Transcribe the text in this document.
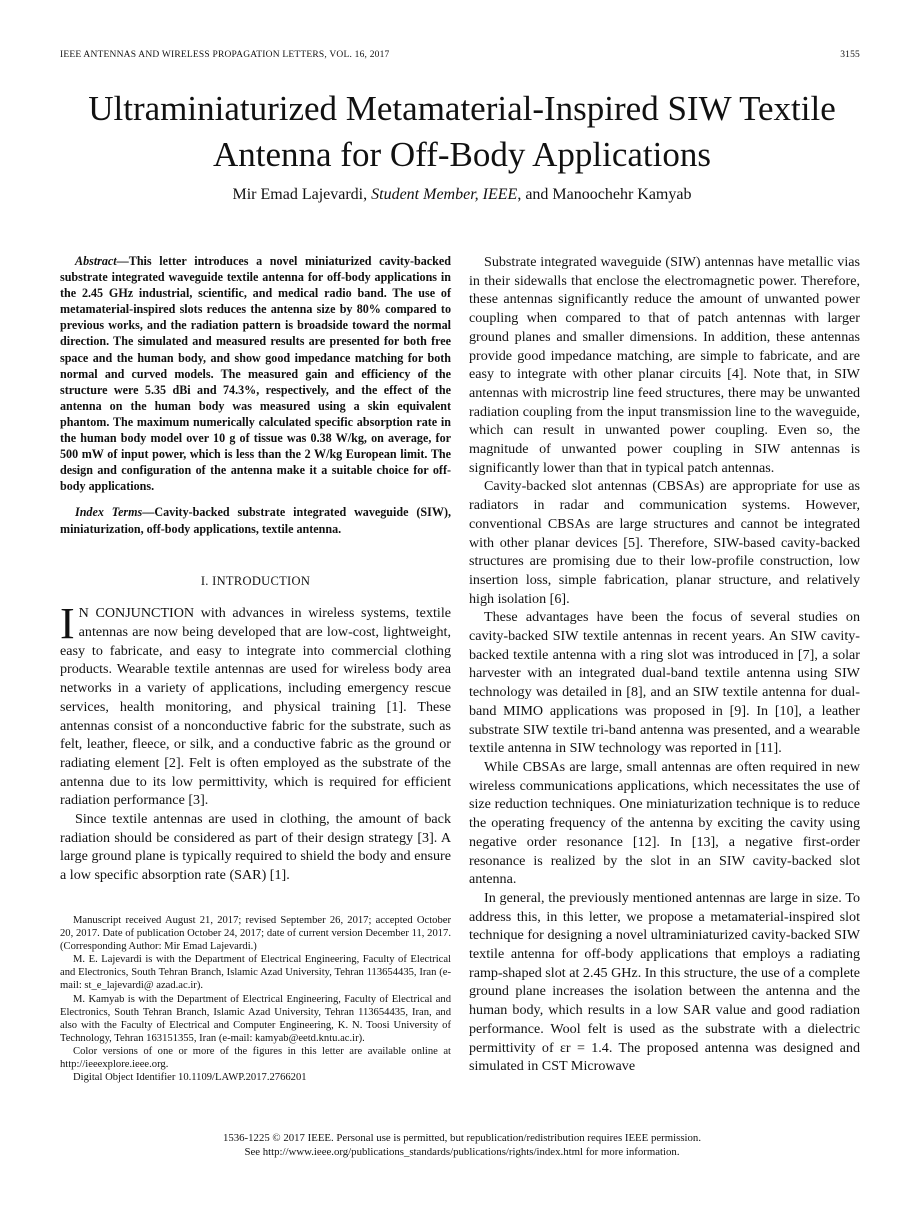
IEEE ANTENNAS AND WIRELESS PROPAGATION LETTERS, VOL. 16, 2017	3155
Ultraminiaturized Metamaterial-Inspired SIW Textile
Antenna for Off-Body Applications
Mir Emad Lajevardi, Student Member, IEEE, and Manoochehr Kamyab

Abstract—This letter introduces a novel miniaturized cavity-backed substrate integrated waveguide textile antenna for off-body applications in the 2.45 GHz industrial, scientific, and medical radio band. The use of metamaterial-inspired slots reduces the antenna size by 80% compared to previous works, and the radiation pattern is broadside toward the normal direction. The simulated and measured results are presented for both free space and the human body, and show good impedance matching for both normal and curved models. The measured gain and efficiency of the structure were 5.35 dBi and 74.3%, respectively, and the effect of the antenna on the human body was measured using a skin equivalent phantom. The maximum numerically calculated specific absorption rate in the human body model over 10 g of tissue was 0.38 W/kg, on average, for 500 mW of input power, which is less than the 2 W/kg European limit. The design and configuration of the antenna make it a suitable choice for off-body applications.

Index Terms—Cavity-backed substrate integrated waveguide (SIW), miniaturization, off-body applications, textile antenna.

I. INTRODUCTION

I N CONJUNCTION with advances in wireless systems, textile antennas are now being developed that are low-cost, lightweight, easy to fabricate, and easy to integrate into commercial clothing products. Wearable textile antennas are used for wireless body area networks in a variety of applications, including emergency rescue services, health monitoring, and physical training [1]. These antennas consist of a nonconductive fabric for the substrate, such as felt, leather, fleece, or silk, and a conductive fabric as the ground or radiating element [2]. Felt is often employed as the substrate of the antenna due to its low permittivity, which is required for efficient radiation performance [3].

Since textile antennas are used in clothing, the amount of back radiation should be considered as part of their design strategy [3]. A large ground plane is typically required to shield the body and ensure a low specific absorption rate (SAR) [1].

Manuscript received August 21, 2017; revised September 26, 2017; accepted October 20, 2017. Date of publication October 24, 2017; date of current version December 11, 2017. (Corresponding Author: Mir Emad Lajevardi.)

M. E. Lajevardi is with the Department of Electrical Engineering, Faculty of Electrical and Electronics, South Tehran Branch, Islamic Azad University, Tehran 113654435, Iran (e-mail: st_e_lajevardi@ azad.ac.ir).

M. Kamyab is with the Department of Electrical Engineering, Faculty of Electrical and Electronics, South Tehran Branch, Islamic Azad University, Tehran 113654435, Iran, and also with the Faculty of Electrical and Computer Engineering, K. N. Toosi University of Technology, Tehran 163151355, Iran (e-mail: kamyab@eetd.kntu.ac.ir).

Color versions of one or more of the figures in this letter are available online at http://ieeexplore.ieee.org.

Digital Object Identifier 10.1109/LAWP.2017.2766201

Substrate integrated waveguide (SIW) antennas have metallic vias in their sidewalls that enclose the electromagnetic power. Therefore, these antennas significantly reduce the amount of unwanted power coupling when compared to that of patch antennas with larger ground planes and smaller dimensions. In addition, these antennas provide good impedance matching, are simple to fabricate, and are easy to integrate with other planar circuits [4]. Note that, in SIW antennas with microstrip line feed structures, there may be unwanted radiation coupling from the input transmission line to the waveguide, which can result in unwanted power coupling. Even so, the magnitude of unwanted power coupling in SIW antennas is significantly lower than that in typical patch antennas.

Cavity-backed slot antennas (CBSAs) are appropriate for use as radiators in radar and communication systems. However, conventional CBSAs are large structures and cannot be integrated with other planar devices [5]. Therefore, SIW-based cavity-backed structures are promising due to their low-profile construction, low insertion loss, simple fabrication, planar structure, and relatively high isolation [6].

These advantages have been the focus of several studies on cavity-backed SIW textile antennas in recent years. An SIW cavity-backed textile antenna with a ring slot was introduced in [7], a solar harvester with an integrated dual-band textile antenna using SIW technology was detailed in [8], and an SIW textile antenna for dual-band MIMO applications was proposed in [9]. In [10], a leather substrate SIW textile tri-band antenna was presented, and a wearable textile antenna in SIW technology was reported in [11].

While CBSAs are large, small antennas are often required in new wireless communications applications, which necessitates the use of size reduction techniques. One miniaturization technique is to reduce the operating frequency of the antenna by exciting the cavity using negative order resonance [12]. In [13], a negative first-order resonance is realized by the slot in an SIW cavity-backed slot antenna.

In general, the previously mentioned antennas are large in size. To address this, in this letter, we propose a metamaterial-inspired slot technique for designing a novel ultraminiaturized cavity-backed SIW textile antenna for off-body applications that employs a radiating ramp-shaped slot at 2.45 GHz. In this structure, the use of a complete ground plane increases the isolation between the antenna and the human body, which results in a low SAR value and good radiation performance. Wool felt is used as the substrate with a dielectric permittivity of εr = 1.4. The proposed antenna was designed and simulated in CST Microwave

1536-1225 © 2017 IEEE. Personal use is permitted, but republication/redistribution requires IEEE permission.
See http://www.ieee.org/publications_standards/publications/rights/index.html for more information.
